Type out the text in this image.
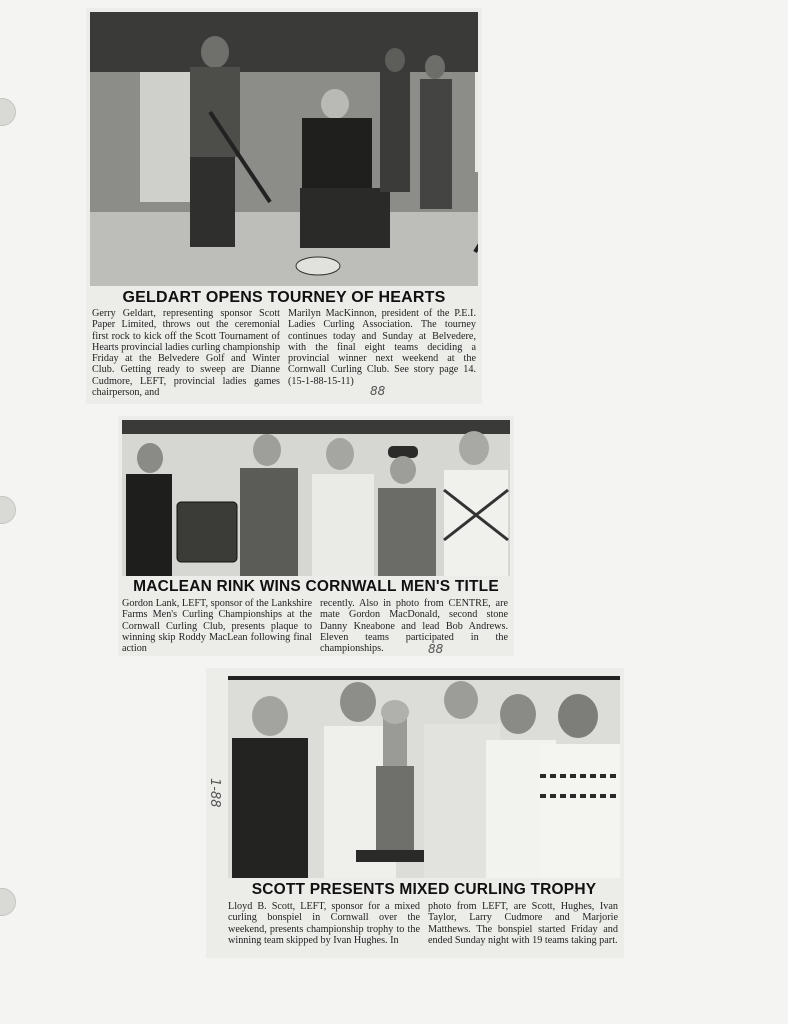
GELDART OPENS TOURNEY OF HEARTS
Gerry Geldart, representing sponsor Scott Paper Limited, throws out the ceremonial first rock to kick off the Scott Tournament of Hearts provincial ladies curling championship Friday at the Belvedere Golf and Winter Club. Getting ready to sweep are Dianne Cudmore, LEFT, provincial ladies games chairperson, and
Marilyn MacKinnon, president of the P.E.I. Ladies Curling Association. The tourney continues today and Sunday at Belvedere, with the final eight teams deciding a provincial winner next weekend at the Cornwall Curling Club. See story page 14. (15-1-88-15-11)
88
MACLEAN RINK WINS CORNWALL MEN'S TITLE
Gordon Lank, LEFT, sponsor of the Lankshire Farms Men's Curling Championships at the Cornwall Curling Club, presents plaque to winning skip Roddy MacLean following final action
recently. Also in photo from CENTRE, are mate Gordon MacDonald, second stone Danny Kneabone and lead Bob Andrews. Eleven teams participated in the championships.	88
1-88
SCOTT PRESENTS MIXED CURLING TROPHY
Lloyd B. Scott, LEFT, sponsor for a mixed curling bonspiel in Cornwall over the weekend, presents championship trophy to the winning team skipped by Ivan Hughes. In
photo from LEFT, are Scott, Hughes, Ivan Taylor, Larry Cudmore and Marjorie Matthews. The bonspiel started Friday and ended Sunday night with 19 teams taking part.
